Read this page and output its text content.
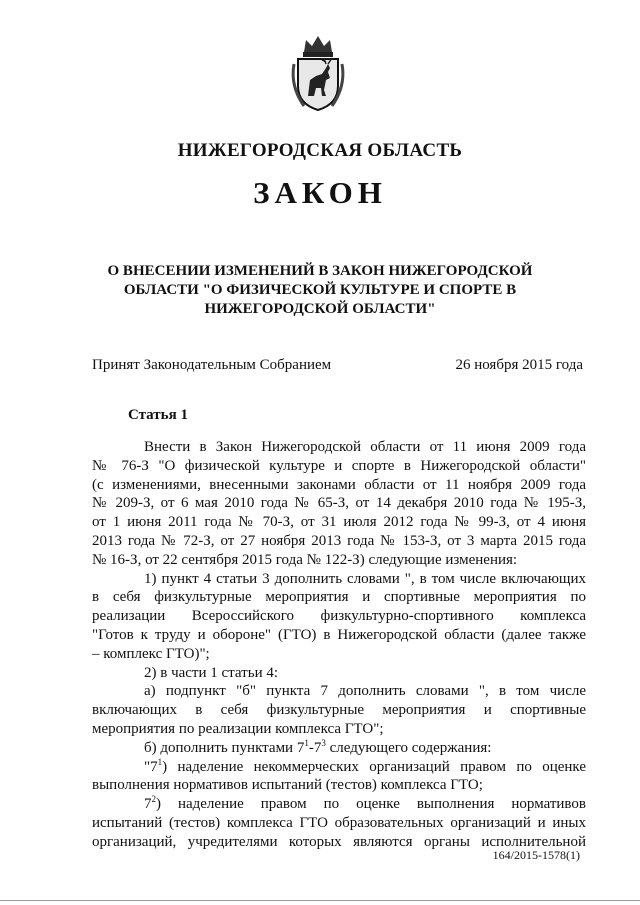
НИЖЕГОРОДСКАЯ ОБЛАСТЬ
ЗАКОН
О ВНЕСЕНИИ ИЗМЕНЕНИЙ В ЗАКОН НИЖЕГОРОДСКОЙ
ОБЛАСТИ "О ФИЗИЧЕСКОЙ КУЛЬТУРЕ И СПОРТЕ В
НИЖЕГОРОДСКОЙ ОБЛАСТИ"
Принят Законодательным Собранием	26 ноября 2015 года
Статья 1

Внести в Закон Нижегородской области от 11 июня 2009 года

№ 76-З "О физической культуре и спорте в Нижегородской области"

(с изменениями, внесенными законами области от 11 ноября 2009 года

№ 209-З, от 6 мая 2010 года № 65-З, от 14 декабря 2010 года № 195-З,

от 1 июня 2011 года № 70-З, от 31 июля 2012 года № 99-З, от 4 июня

2013 года № 72-З, от 27 ноября 2013 года № 153-З, от 3 марта 2015 года

№ 16-З, от 22 сентября 2015 года № 122-З) следующие изменения:

1) пункт 4 статьи 3 дополнить словами ", в том числе включающих

в себя физкультурные мероприятия и спортивные мероприятия по

реализации Всероссийского физкультурно-спортивного комплекса

"Готов к труду и обороне" (ГТО) в Нижегородской области (далее также

– комплекс ГТО)";

2) в части 1 статьи 4:

а) подпункт "б" пункта 7 дополнить словами ", в том числе

включающих в себя физкультурные мероприятия и спортивные

мероприятия по реализации комплекса ГТО";

б) дополнить пунктами $7^1-7^3$ следующего содержания:

"$7^1$) наделение некоммерческих организаций правом по оценке

выполнения нормативов испытаний (тестов) комплекса ГТО;

$7^2$) наделение правом по оценке выполнения нормативов

испытаний (тестов) комплекса ГТО образовательных организаций и иных

организаций, учредителями которых являются органы исполнительной

164/2015-1578(1)
